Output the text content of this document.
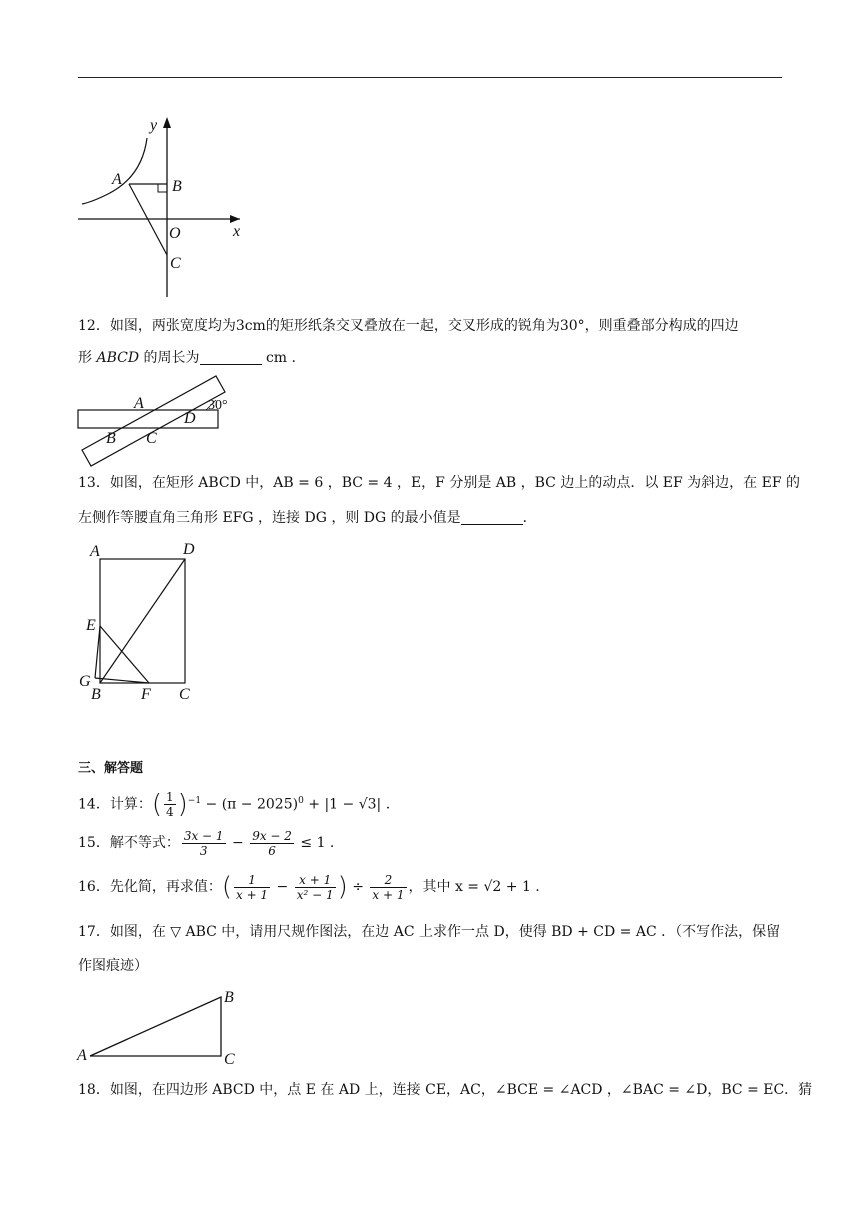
y
x
A	B
O
C
12．如图，两张宽度均为3cm的矩形纸条交叉叠放在一起，交叉形成的锐角为30°，则重叠部分构成的四边
形 ABCD 的周长为	cm .
A
B C
D
30°
13．如图，在矩形 ABCD 中，AB = 6 ，BC = 4 ，E，F 分别是 AB ，BC 边上的动点．以 EF 为斜边，在 EF 的
左侧作等腰直角三角形 EFG ，连接 DG ，则 DG 的最小值是	．
A	D
E
G
B	F C
三、解答题
14．计算：( $\frac{1}{4} )^{-1} - (\pi - 2025)^0 + |1 - √3|$ .
15．解不等式： $\frac{3x - 1}{3} - \frac{9x - 2}{6} \le 1$ .
16．先化简，再求值：( $\frac{1}{x + 1} - \frac{x + 1}{\text{x² − 1}}$ ) ÷ $\frac{2}{x + 1}$ ，其中 x = √2 + 1 .
17．如图，在 ▽ ABC 中，请用尺规作图法，在边 AC 上求作一点 D，使得 BD + CD = AC ．（不写作法，保留
作图痕迹）
A
B
C
18．如图，在四边形 ABCD 中，点 E 在 AD 上，连接 CE，AC，∠BCE = ∠ACD ，∠BAC = ∠D，BC = EC．猜
